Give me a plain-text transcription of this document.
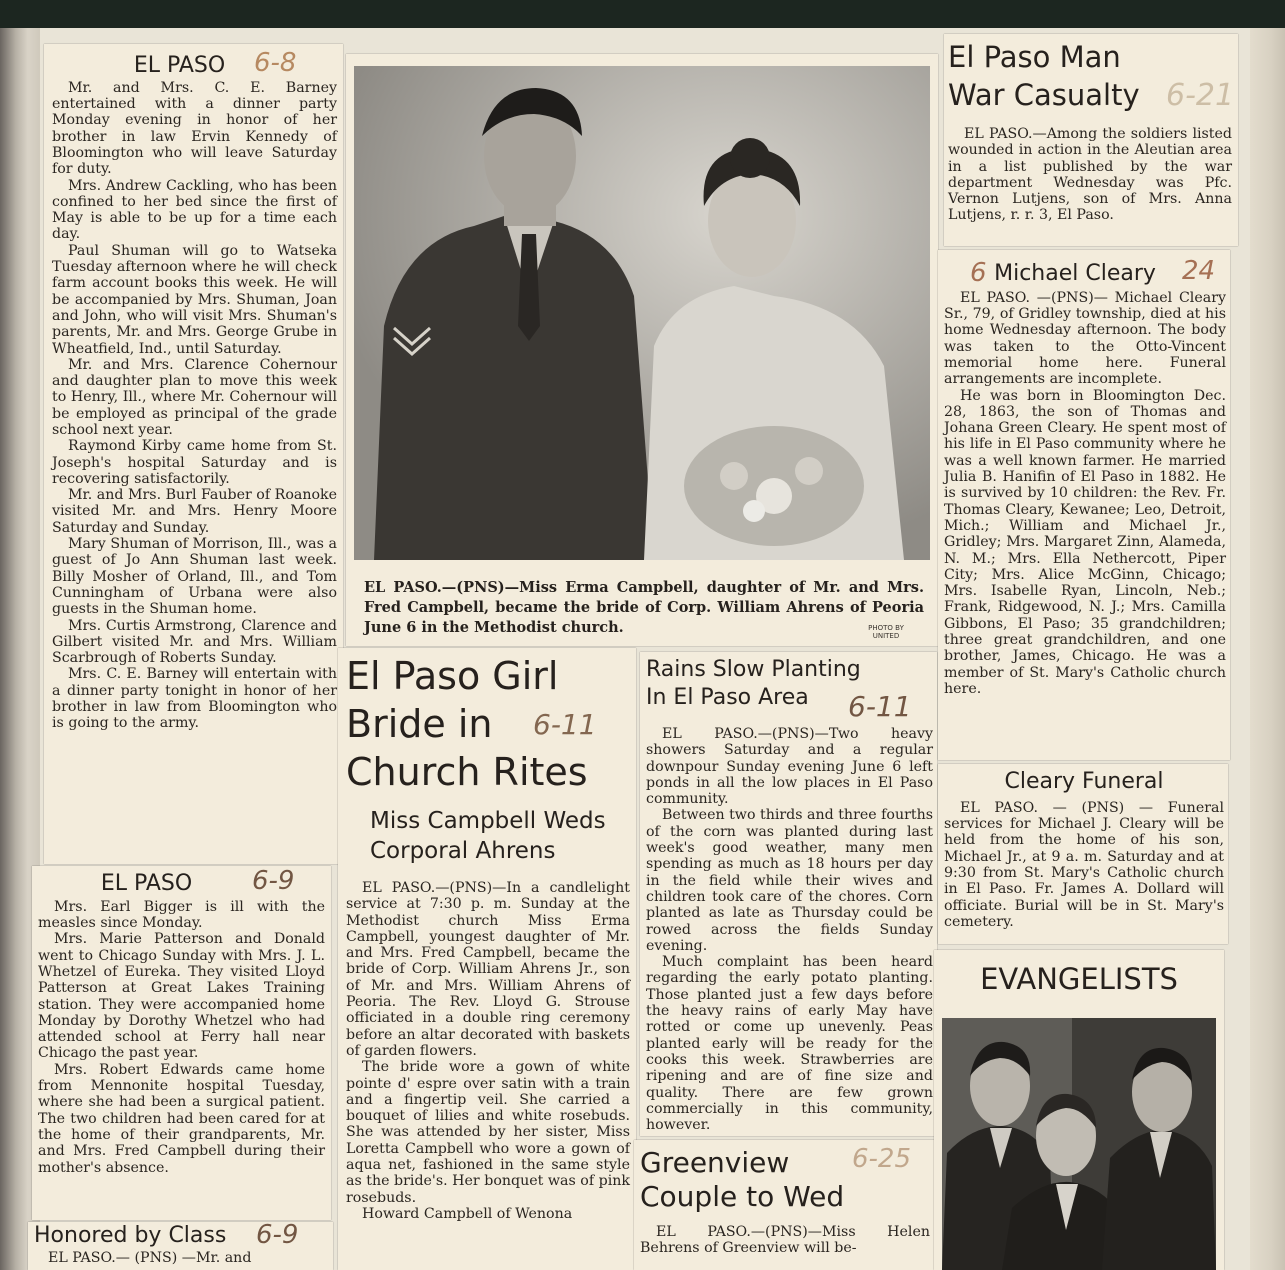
EL PASO

Mr. and Mrs. C. E. Barney entertained with a dinner party Monday evening in honor of her brother in law Ervin Kennedy of Bloomington who will leave Saturday for duty.

Mrs. Andrew Cackling, who has been confined to her bed since the first of May is able to be up for a time each day.

Paul Shuman will go to Watseka Tuesday afternoon where he will check farm account books this week. He will be accompanied by Mrs. Shuman, Joan and John, who will visit Mrs. Shuman's parents, Mr. and Mrs. George Grube in Wheatfield, Ind., until Saturday.

Mr. and Mrs. Clarence Cohernour and daughter plan to move this week to Henry, Ill., where Mr. Cohernour will be employed as principal of the grade school next year.

Raymond Kirby came home from St. Joseph's hospital Saturday and is recovering satisfactorily.

Mr. and Mrs. Burl Fauber of Roanoke visited Mr. and Mrs. Henry Moore Saturday and Sunday.

Mary Shuman of Morrison, Ill., was a guest of Jo Ann Shuman last week. Billy Mosher of Orland, Ill., and Tom Cunningham of Urbana were also guests in the Shuman home.

Mrs. Curtis Armstrong, Clarence and Gilbert visited Mr. and Mrs. William Scarbrough of Roberts Sunday.

Mrs. C. E. Barney will entertain with a dinner party tonight in honor of her brother in law from Bloomington who is going to the army.

6-8
EL PASO

Mrs. Earl Bigger is ill with the measles since Monday.

Mrs. Marie Patterson and Donald went to Chicago Sunday with Mrs. J. L. Whetzel of Eureka. They visited Lloyd Patterson at Great Lakes Training station. They were accompanied home Monday by Dorothy Whetzel who had attended school at Ferry hall near Chicago the past year.

Mrs. Robert Edwards came home from Mennonite hospital Tuesday, where she had been a surgical patient. The two children had been cared for at the home of their grandparents, Mr. and Mrs. Fred Campbell during their mother's absence.

6-9
Honored by Class
EL PASO.— (PNS) —Mr. and
6-9
EL PASO.—(PNS)—Miss Erma Campbell, daughter of Mr. and Mrs. Fred Campbell, became the bride of Corp. William Ahrens of Peoria June 6 in the Methodist church.	PHOTO BY UNITED
El Paso Girl Bride in Church Rites
Miss Campbell Weds Corporal Ahrens

EL PASO.—(PNS)—In a candlelight service at 7:30 p. m. Sunday at the Methodist church Miss Erma Campbell, youngest daughter of Mr. and Mrs. Fred Campbell, became the bride of Corp. William Ahrens Jr., son of Mr. and Mrs. William Ahrens of Peoria. The Rev. Lloyd G. Strouse officiated in a double ring ceremony before an altar decorated with baskets of garden flowers.

The bride wore a gown of white pointe d' espre over satin with a train and a fingertip veil. She carried a bouquet of lilies and white rosebuds. She was attended by her sister, Miss Loretta Campbell who wore a gown of aqua net, fashioned in the same style as the bride's. Her bonquet was of pink rosebuds.

Howard Campbell of Wenona

6-11
Rains Slow Planting In El Paso Area

EL PASO.—(PNS)—Two heavy showers Saturday and a regular downpour Sunday evening June 6 left ponds in all the low places in El Paso community.

Between two thirds and three fourths of the corn was planted during last week's good weather, many men spending as much as 18 hours per day in the field while their wives and children took care of the chores. Corn planted as late as Thursday could be rowed across the fields Sunday evening.

Much complaint has been heard regarding the early potato planting. Those planted just a few days before the heavy rains of early May have rotted or come up unevenly. Peas planted early will be ready for the cooks this week. Strawberries are ripening and are of fine size and quality. There are few grown commercially in this community, however.

6-11
Greenview Couple to Wed
EL PASO.—(PNS)—Miss Helen Behrens of Greenview will be-
6-25
El Paso Man War Casualty
EL PASO.—Among the soldiers listed wounded in action in the Aleutian area in a list published by the war department Wednesday was Pfc. Vernon Lutjens, son of Mrs. Anna Lutjens, r. r. 3, El Paso.
6-21
Michael Cleary

EL PASO. —(PNS)— Michael Cleary Sr., 79, of Gridley township, died at his home Wednesday afternoon. The body was taken to the Otto-Vincent memorial home here. Funeral arrangements are incomplete.

He was born in Bloomington Dec. 28, 1863, the son of Thomas and Johana Green Cleary. He spent most of his life in El Paso community where he was a well known farmer. He married Julia B. Hanifin of El Paso in 1882. He is survived by 10 children: the Rev. Fr. Thomas Cleary, Kewanee; Leo, Detroit, Mich.; William and Michael Jr., Gridley; Mrs. Margaret Zinn, Alameda, N. M.; Mrs. Ella Nethercott, Piper City; Mrs. Alice McGinn, Chicago; Mrs. Isabelle Ryan, Lincoln, Neb.; Frank, Ridgewood, N. J.; Mrs. Camilla Gibbons, El Paso; 35 grandchildren; three great grandchildren, and one brother, James, Chicago. He was a member of St. Mary's Catholic church here.

6	24
Cleary Funeral
EL PASO. — (PNS) — Funeral services for Michael J. Cleary will be held from the home of his son, Michael Jr., at 9 a. m. Saturday and at 9:30 from St. Mary's Catholic church in El Paso. Fr. James A. Dollard will officiate. Burial will be in St. Mary's cemetery.
EVANGELISTS
